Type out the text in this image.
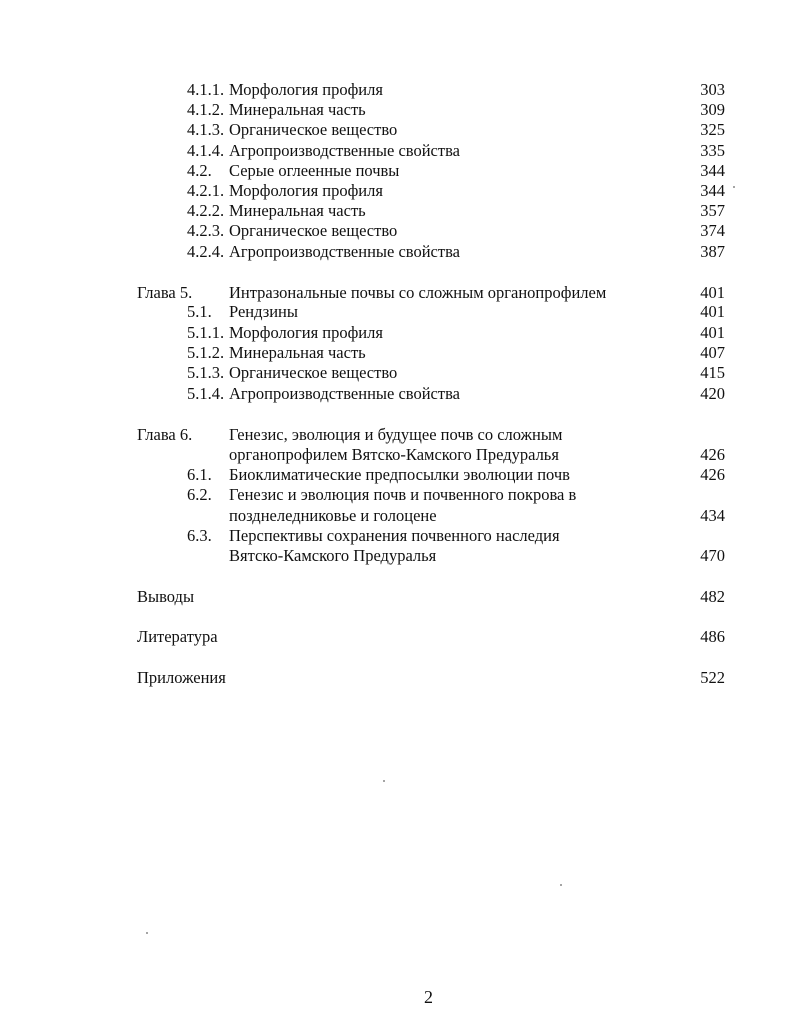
4.1.1. Морфология профиля	303
4.1.2. Минеральная часть	309
4.1.3. Органическое вещество	325
4.1.4. Агропроизводственные свойства	335
4.2. Серые оглеенные почвы	344
4.2.1. Морфология профиля	344
4.2.2. Минеральная часть	357
4.2.3. Органическое вещество	374
4.2.4. Агропроизводственные свойства	387
Глава 5. Интразональные почвы со сложным органопрофилем	401
5.1. Рендзины	401
5.1.1. Морфология профиля	401
5.1.2. Минеральная часть	407
5.1.3. Органическое вещество	415
5.1.4. Агропроизводственные свойства	420
Глава 6. Генезис, эволюция и будущее почв со сложным
органопрофилем Вятско-Камского Предуралья	426
6.1. Биоклиматические предпосылки эволюции почв	426
6.2. Генезис и эволюция почв и почвенного покрова в
позднеледниковье и голоцене	434
6.3. Перспективы сохранения почвенного наследия
Вятско-Камского Предуралья	470
Выводы	482
Литература	486
Приложения	522
2
